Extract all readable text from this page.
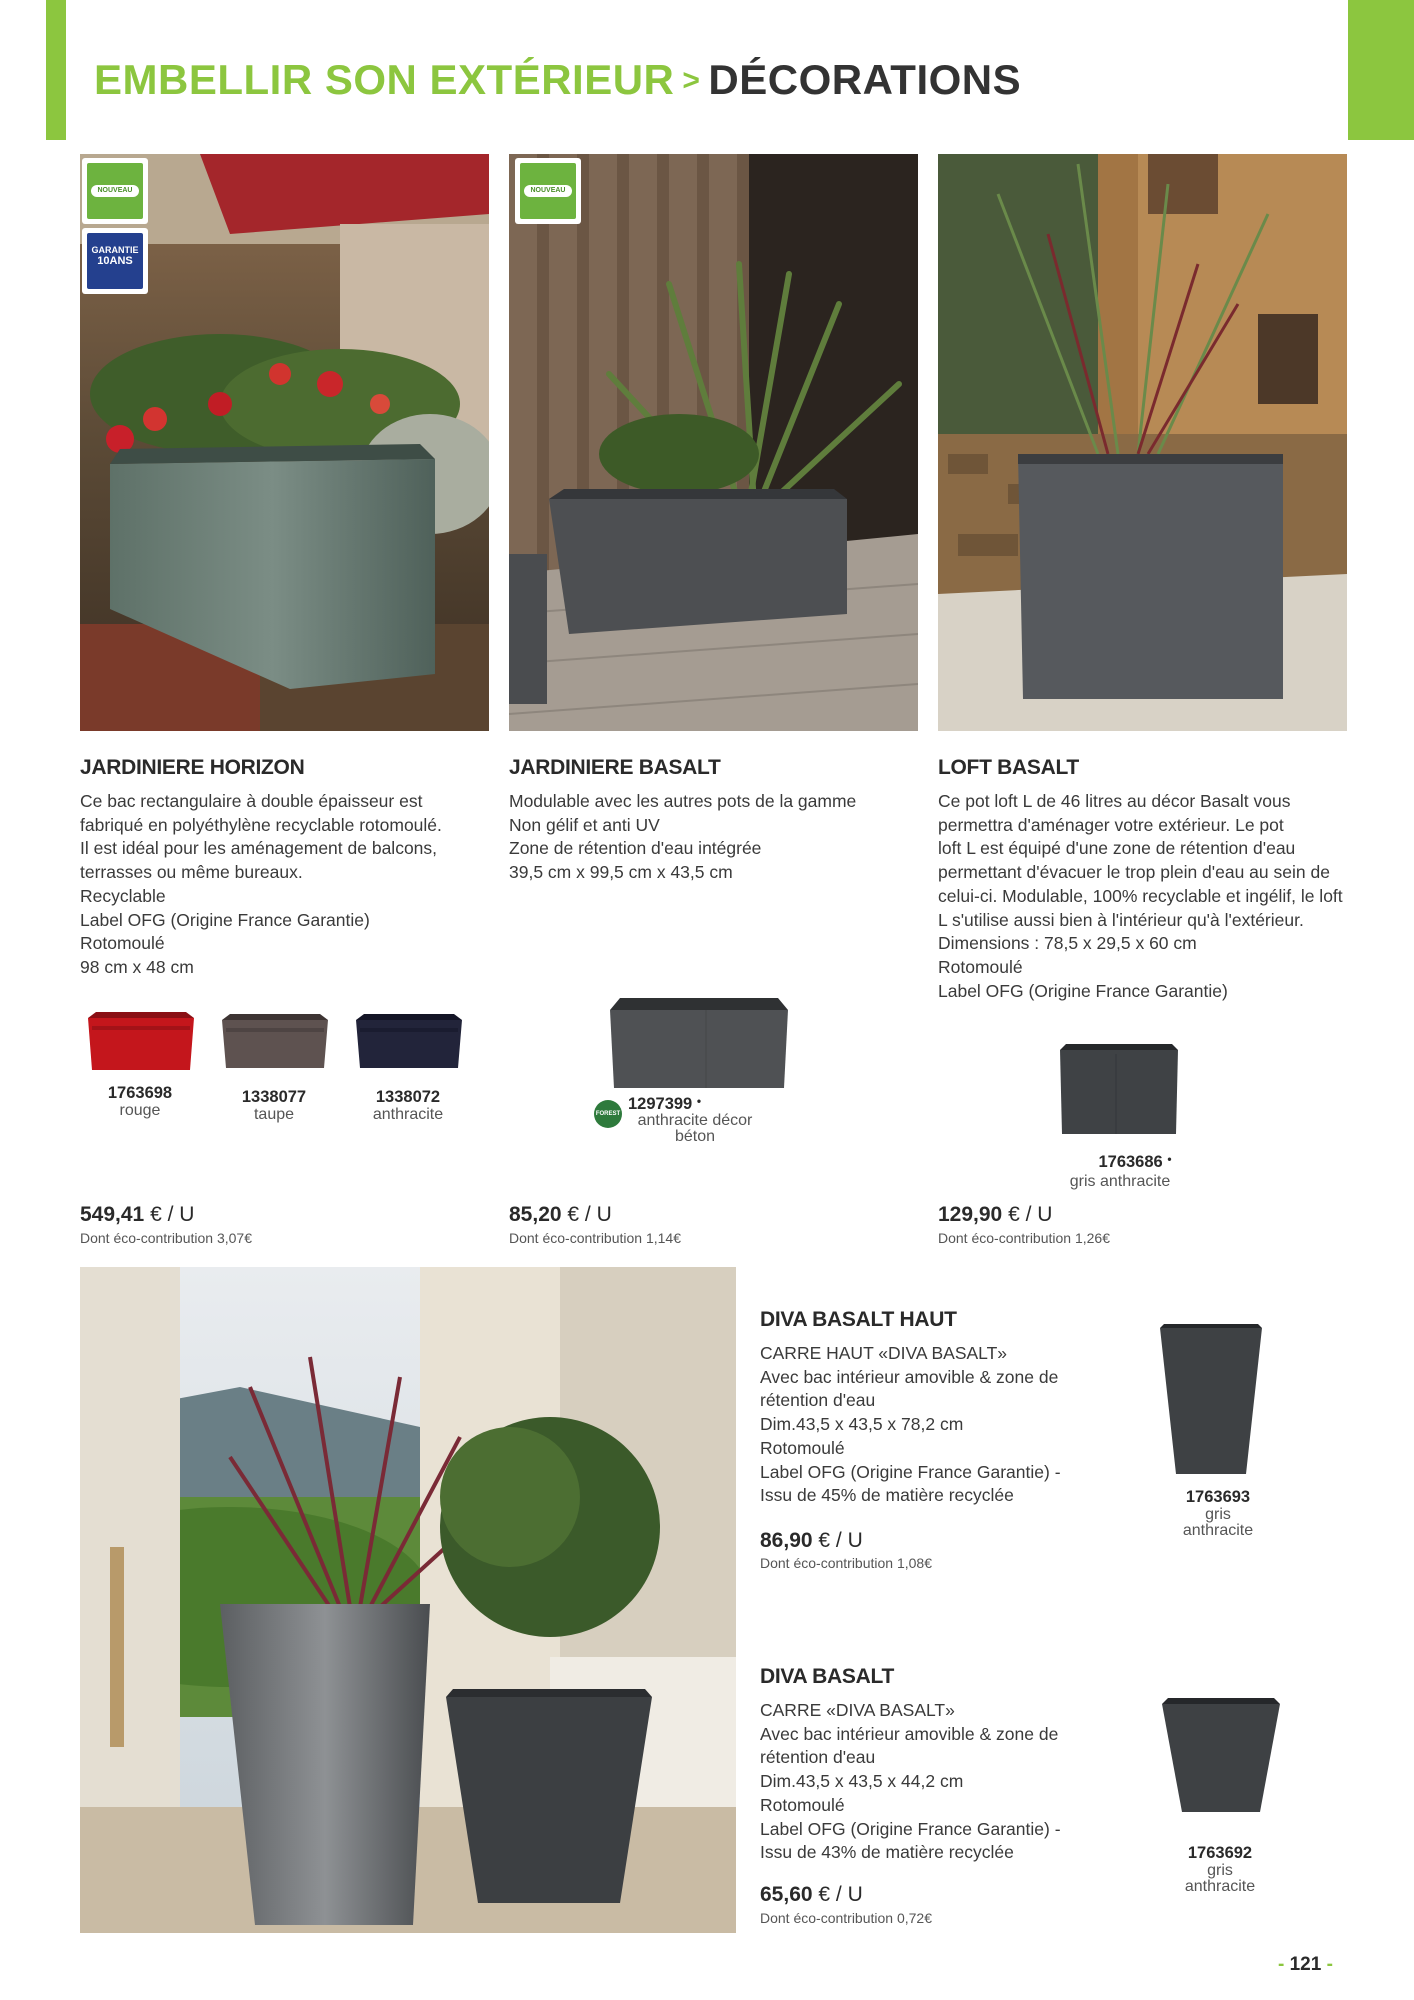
EMBELLIR SON EXTÉRIEUR > DÉCORATIONS
NOUVEAU
GARANTIE
10ANS
NOUVEAU
JARDINIERE HORIZON
Ce bac rectangulaire à double épaisseur est
fabriqué en polyéthylène recyclable rotomoulé.
Il est idéal pour les aménagement de balcons,
terrasses ou même bureaux.
Recyclable
Label OFG (Origine France Garantie)
Rotomoulé
98 cm x 48 cm
1763698
rouge
1338077
taupe
1338072
anthracite
549,41 € / U
Dont éco-contribution 3,07€
JARDINIERE BASALT
Modulable avec les autres pots de la gamme
Non gélif et anti UV
Zone de rétention d'eau intégrée
39,5 cm x 99,5 cm x 43,5 cm
FOREST
1297399 •
anthracite décor
béton
85,20 € / U
Dont éco-contribution 1,14€
LOFT BASALT
Ce pot loft L de 46 litres au décor Basalt vous
permettra d'aménager votre extérieur. Le pot
loft L est équipé d'une zone de rétention d'eau
permettant d'évacuer le trop plein d'eau au sein de
celui-ci. Modulable, 100% recyclable et ingélif, le loft
L s'utilise aussi bien à l'intérieur qu'à l'extérieur.
Dimensions : 78,5 x 29,5 x 60 cm
Rotomoulé
Label OFG (Origine France Garantie)
1763686 •
gris anthracite
129,90 € / U
Dont éco-contribution 1,26€
DIVA BASALT HAUT
CARRE HAUT «DIVA BASALT»
Avec bac intérieur amovible & zone de
rétention d'eau
Dim.43,5 x 43,5 x 78,2 cm
Rotomoulé
Label OFG (Origine France Garantie) -
Issu de 45% de matière recyclée
86,90 € / U
Dont éco-contribution 1,08€
1763693
gris
anthracite
DIVA BASALT
CARRE «DIVA BASALT»
Avec bac intérieur amovible & zone de
rétention d'eau
Dim.43,5 x 43,5 x 44,2 cm
Rotomoulé
Label OFG (Origine France Garantie) -
Issu de 43% de matière recyclée
65,60 € / U
Dont éco-contribution 0,72€
1763692
gris
anthracite
- 121 -
